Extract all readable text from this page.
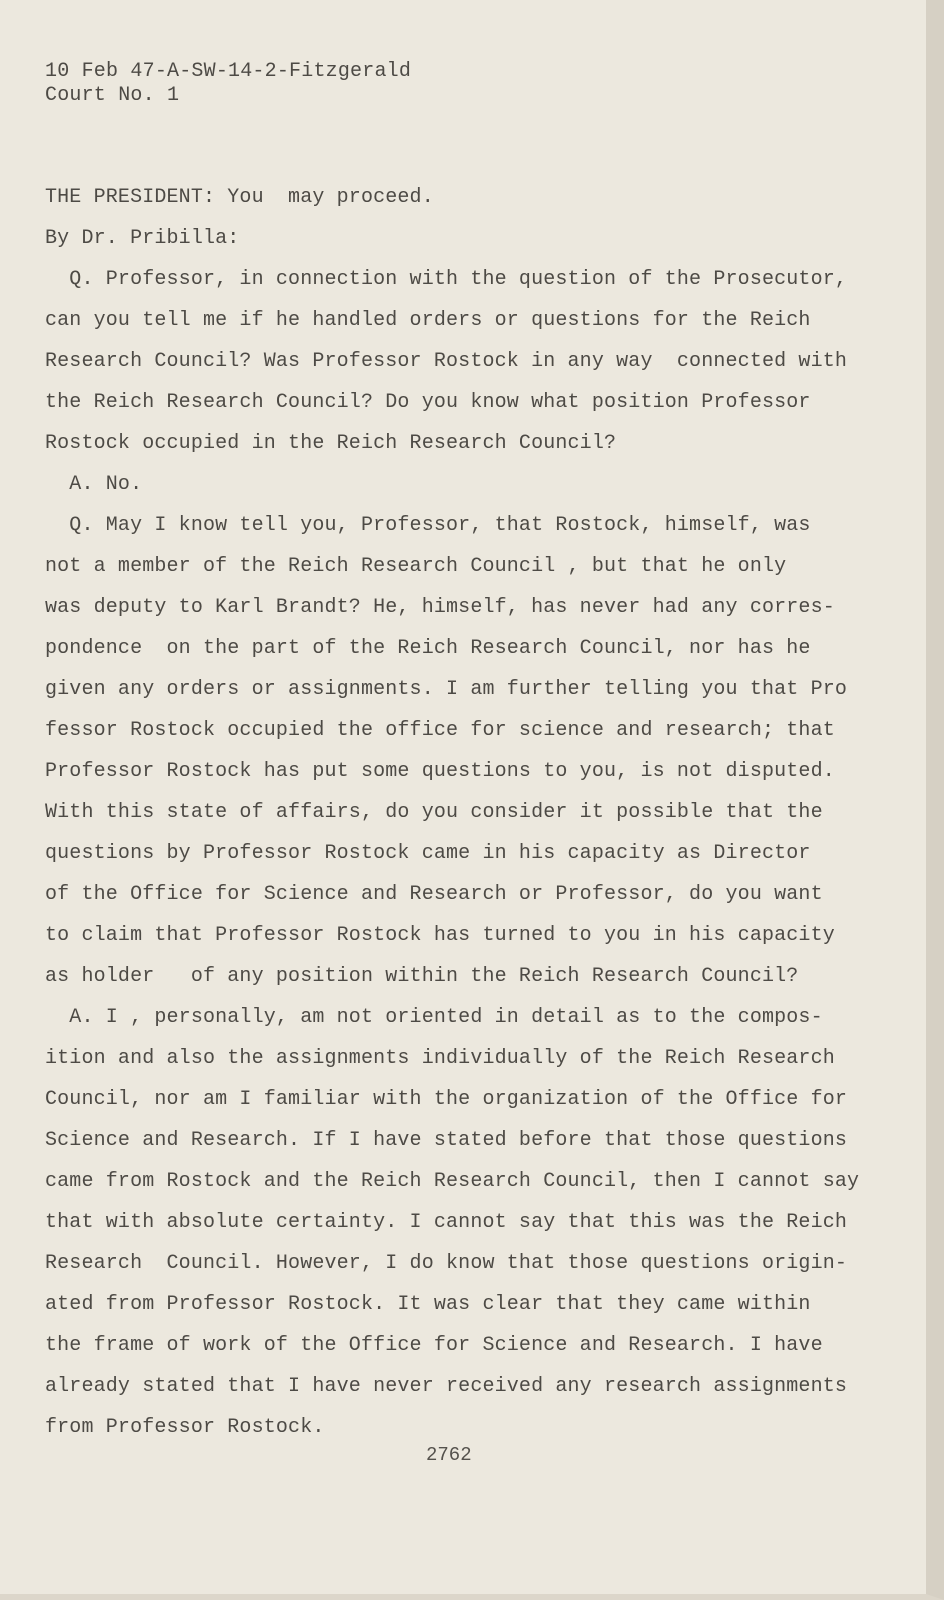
10 Feb 47-A-SW-14-2-Fitzgerald
Court No. 1
THE PRESIDENT: You  may proceed.
By Dr. Pribilla:
Q. Professor, in connection with the question of the Prosecutor,
can you tell me if he handled orders or questions for the Reich
Research Council? Was Professor Rostock in any way  connected with
the Reich Research Council? Do you know what position Professor
Rostock occupied in the Reich Research Council?
A. No.
Q. May I know tell you, Professor, that Rostock, himself, was
not a member of the Reich Research Council , but that he only
was deputy to Karl Brandt? He, himself, has never had any corres-
pondence  on the part of the Reich Research Council, nor has he
given any orders or assignments. I am further telling you that Pro
fessor Rostock occupied the office for science and research; that
Professor Rostock has put some questions to you, is not disputed.
With this state of affairs, do you consider it possible that the
questions by Professor Rostock came in his capacity as Director
of the Office for Science and Research or Professor, do you want
to claim that Professor Rostock has turned to you in his capacity
as holder   of any position within the Reich Research Council?
A. I , personally, am not oriented in detail as to the compos-
ition and also the assignments individually of the Reich Research
Council, nor am I familiar with the organization of the Office for
Science and Research. If I have stated before that those questions
came from Rostock and the Reich Research Council, then I cannot say
that with absolute certainty. I cannot say that this was the Reich
Research  Council. However, I do know that those questions origin-
ated from Professor Rostock. It was clear that they came within
the frame of work of the Office for Science and Research. I have
already stated that I have never received any research assignments
from Professor Rostock.
2762
